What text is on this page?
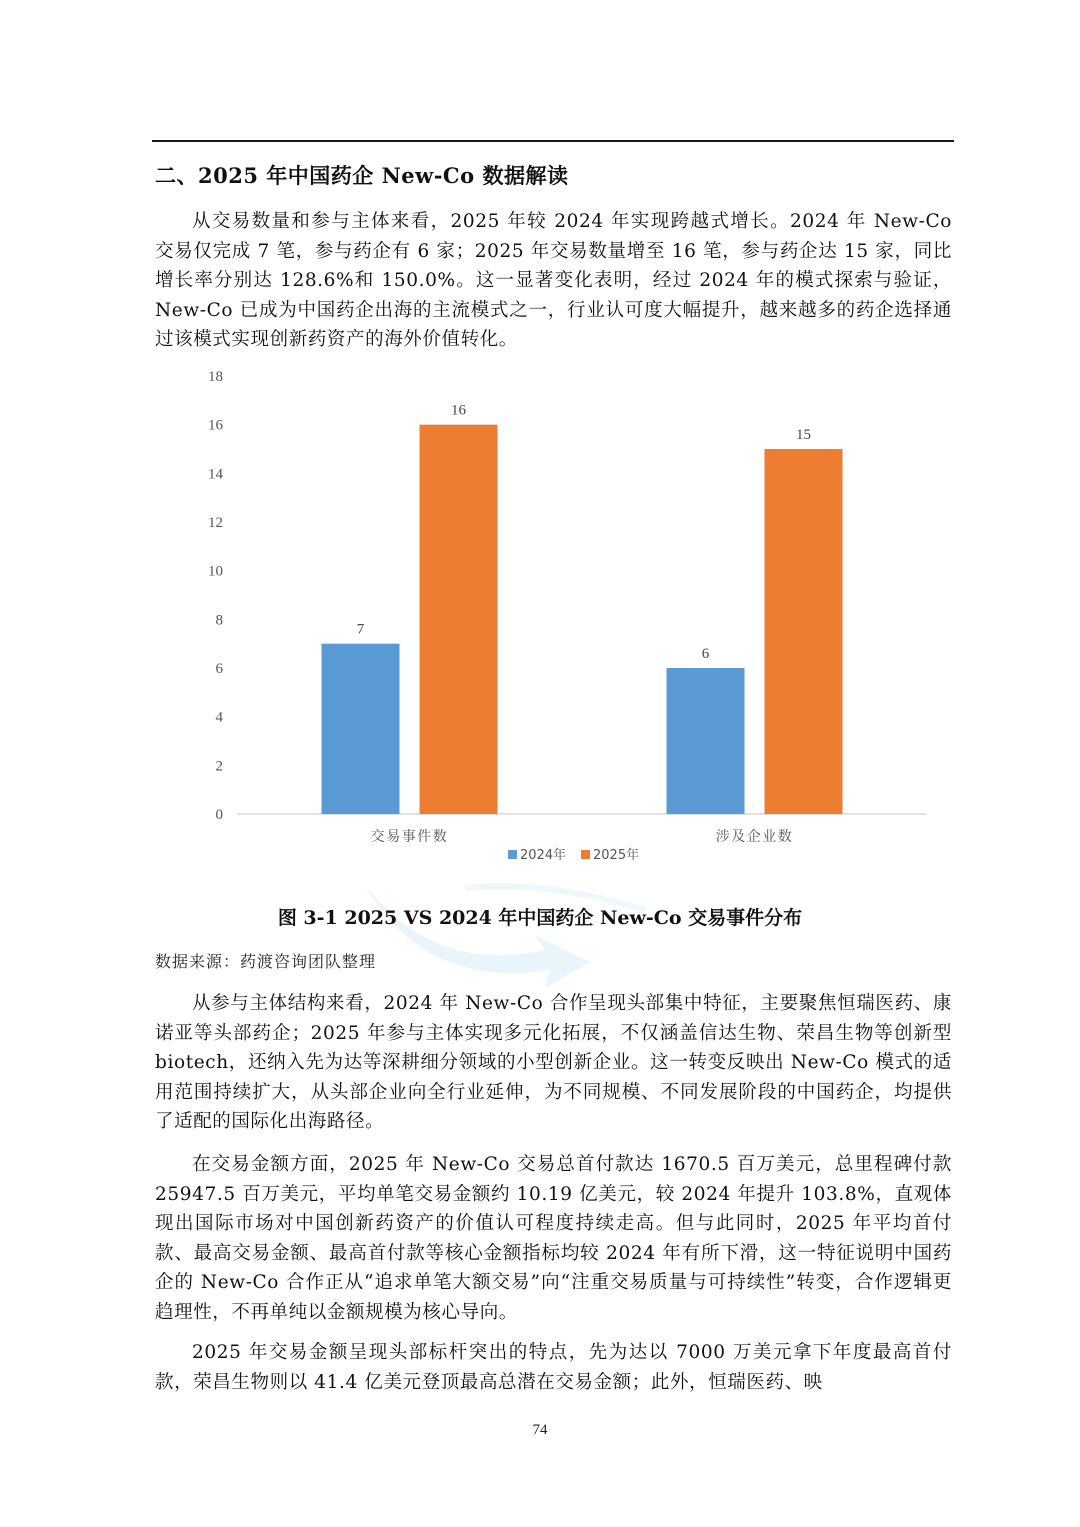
二、2025 年中国药企 New-Co 数据解读

从交易数量和参与主体来看，2025 年较 2024 年实现跨越式增长。2024 年 New-Co 交易仅完成 7 笔，参与药企有 6 家；2025 年交易数量增至 16 笔，参与药企达 15 家，同比增长率分别达 128.6%和 150.0%。这一显著变化表明，经过 2024 年的模式探索与验证，New-Co 已成为中国药企出海的主流模式之一，行业认可度大幅提升，越来越多的药企选择通过该模式实现创新药资产的海外价值转化。

0
2
4
6
8
10
12
14
16
18
7
16
交易事件数
6
15
涉及企业数
2024年 2025年
图 3-1 2025 VS 2024 年中国药企 New-Co 交易事件分布
数据来源：药渡咨询团队整理

从参与主体结构来看，2024 年 New-Co 合作呈现头部集中特征，主要聚焦恒瑞医药、康诺亚等头部药企；2025 年参与主体实现多元化拓展，不仅涵盖信达生物、荣昌生物等创新型 biotech，还纳入先为达等深耕细分领域的小型创新企业。这一转变反映出 New-Co 模式的适用范围持续扩大，从头部企业向全行业延伸，为不同规模、不同发展阶段的中国药企，均提供了适配的国际化出海路径。

在交易金额方面，2025 年 New-Co 交易总首付款达 1670.5 百万美元，总里程碑付款 25947.5 百万美元，平均单笔交易金额约 10.19 亿美元，较 2024 年提升 103.8%，直观体现出国际市场对中国创新药资产的价值认可程度持续走高。但与此同时，2025 年平均首付款、最高交易金额、最高首付款等核心金额指标均较 2024 年有所下滑，这一特征说明中国药企的 New-Co 合作正从“追求单笔大额交易”向“注重交易质量与可持续性”转变，合作逻辑更趋理性，不再单纯以金额规模为核心导向。

2025 年交易金额呈现头部标杆突出的特点，先为达以 7000 万美元拿下年度最高首付款，荣昌生物则以 41.4 亿美元登顶最高总潜在交易金额；此外，恒瑞医药、映

74
